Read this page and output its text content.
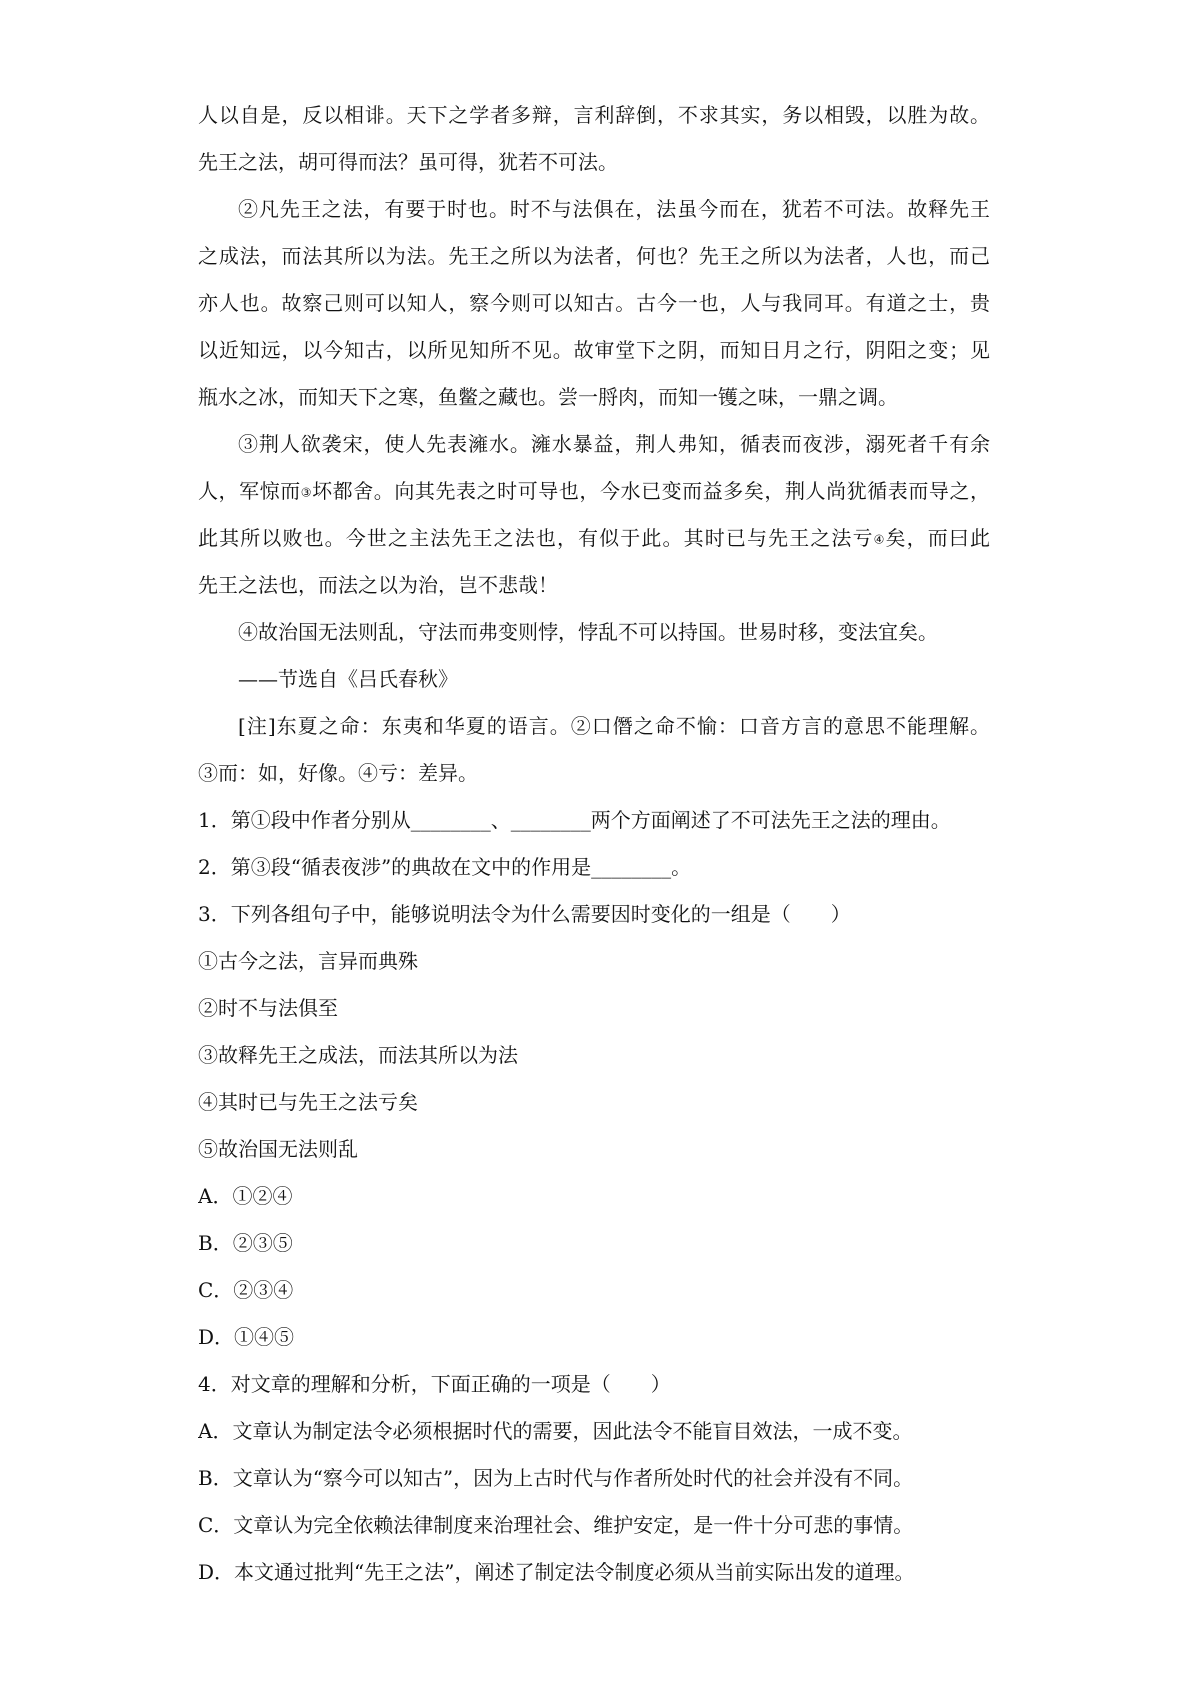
人以自是，反以相诽。天下之学者多辩，言利辞倒，不求其实，务以相毁，以胜为故。
先王之法，胡可得而法？虽可得，犹若不可法。
②凡先王之法，有要于时也。时不与法俱在，法虽今而在，犹若不可法。故释先王
之成法，而法其所以为法。先王之所以为法者，何也？先王之所以为法者，人也，而己
亦人也。故察己则可以知人，察今则可以知古。古今一也，人与我同耳。有道之士，贵
以近知远，以今知古，以所见知所不见。故审堂下之阴，而知日月之行，阴阳之变；见
瓶水之冰，而知天下之寒，鱼鳖之藏也。尝一脟肉，而知一镬之味，一鼎之调。
③荆人欲袭宋，使人先表澭水。澭水暴益，荆人弗知，循表而夜涉，溺死者千有余
人，军惊而③坏都舍。向其先表之时可导也，今水已变而益多矣，荆人尚犹循表而导之，
此其所以败也。今世之主法先王之法也，有似于此。其时已与先王之法亏④矣，而曰此
先王之法也，而法之以为治，岂不悲哉！
④故治国无法则乱，守法而弗变则悖，悖乱不可以持国。世易时移，变法宜矣。
——节选自《吕氏春秋》
[注]东夏之命：东夷和华夏的语言。②口僭之命不愉：口音方言的意思不能理解。
③而：如，好像。④亏：差异。
1．第①段中作者分别从________、________两个方面阐述了不可法先王之法的理由。
2．第③段“循表夜涉”的典故在文中的作用是________。
3．下列各组句子中，能够说明法令为什么需要因时变化的一组是（　　）
①古今之法，言异而典殊
②时不与法俱至
③故释先王之成法，而法其所以为法
④其时已与先王之法亏矣
⑤故治国无法则乱
A．①②④
B．②③⑤
C．②③④
D．①④⑤
4．对文章的理解和分析，下面正确的一项是（　　）
A．文章认为制定法令必须根据时代的需要，因此法令不能盲目效法，一成不变。
B．文章认为“察今可以知古”，因为上古时代与作者所处时代的社会并没有不同。
C．文章认为完全依赖法律制度来治理社会、维护安定，是一件十分可悲的事情。
D．本文通过批判“先王之法”，阐述了制定法令制度必须从当前实际出发的道理。
